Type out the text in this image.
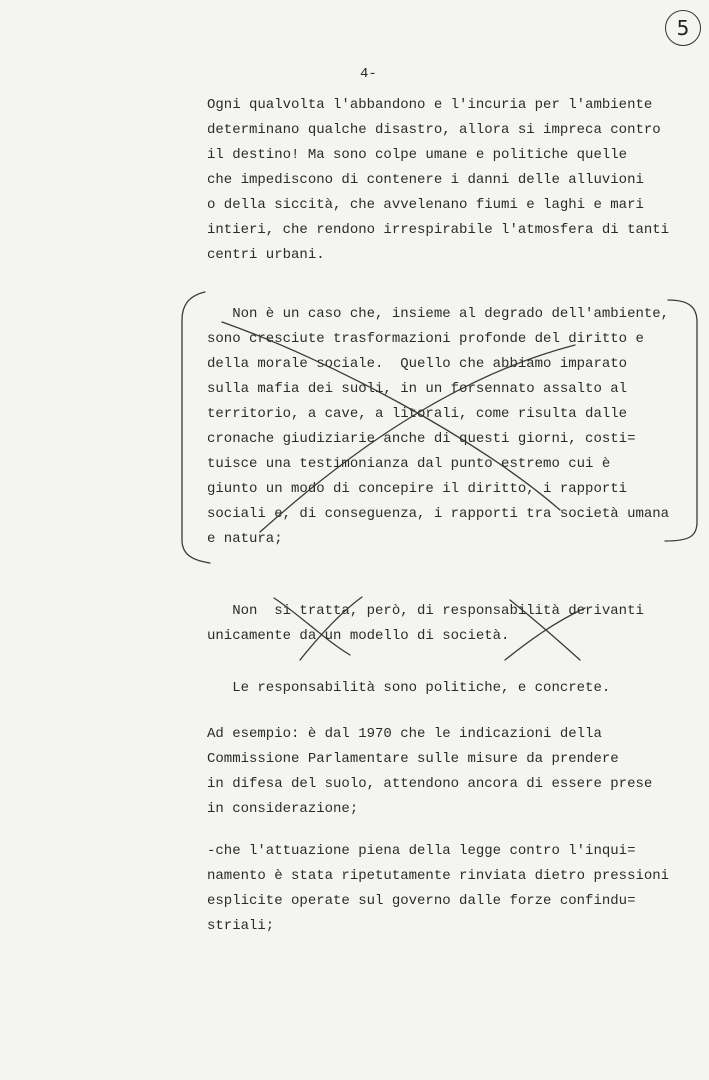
5
4-
Ogni qualvolta l'abbandono e l'incuria per l'ambiente
determinano qualche disastro, allora si impreca contro
il destino! Ma sono colpe umane e politiche quelle
che impediscono di contenere i danni delle alluvioni
o della siccità, che avvelenano fiumi e laghi e mari
intieri, che rendono irrespirabile l'atmosfera di tanti
centri urbani.
Non è un caso che, insieme al degrado dell'ambiente,
sono cresciute trasformazioni profonde del diritto e
della morale sociale.  Quello che abbiamo imparato
sulla mafia dei suoli, in un forsennato assalto al
territorio, a cave, a litorali, come risulta dalle
cronache giudiziarie anche di questi giorni, costi=
tuisce una testimonianza dal punto estremo cui è
giunto un modo di concepire il diritto, i rapporti
sociali e, di conseguenza, i rapporti tra società umana
e natura;
Non  si tratta, però, di responsabilità derivanti
unicamente da un modello di società.
Le responsabilità sono politiche, e concrete.
Ad esempio: è dal 1970 che le indicazioni della
Commissione Parlamentare sulle misure da prendere
in difesa del suolo, attendono ancora di essere prese
in considerazione;
-che l'attuazione piena della legge contro l'inqui=
namento è stata ripetutamente rinviata dietro pressioni
esplicite operate sul governo dalle forze confindu=
striali;
